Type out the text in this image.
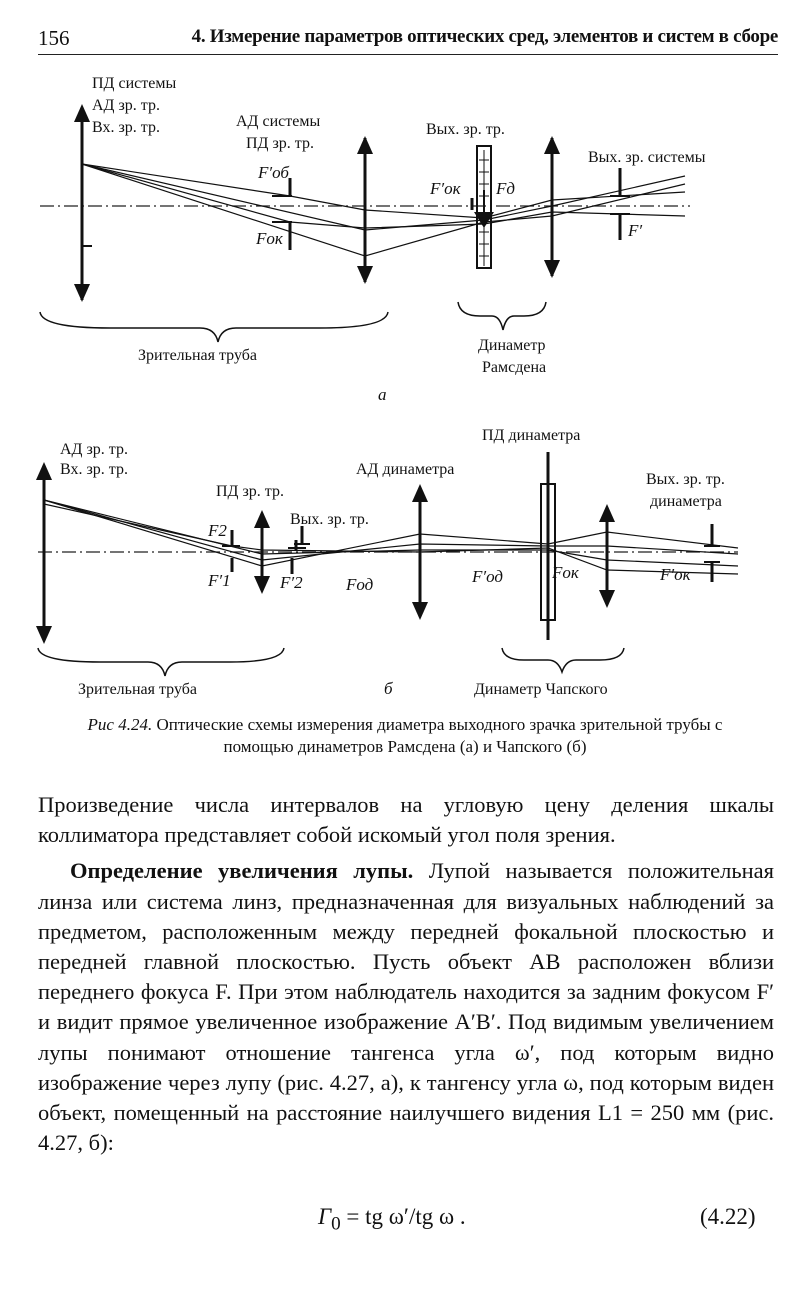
156	4. Измерение параметров оптических сред, элементов и систем в сборе
ПД системы
АД зр. тр.
Вх. зр. тр.	АД системы
ПД зр. тр.
Вых. зр. тр.
Вых. зр. системы
F′об
Fок
F′ок Fд
F′
Зрительная труба
Динаметр
Рамсдена
а
АД зр. тр.
Вх. зр. тр.
ПД зр. тр.
Вых. зр. тр.
АД динаметра
ПД динаметра
Вых. зр. тр.
динаметра
F2
F′1	F′2	Fод	F′од	Fок	F′ок
Зрительная труба	б	Динаметр Чапского
Рис 4.24. Оптические схемы измерения диаметра выходного зрачка зрительной трубы с помощью динаметров Рамсдена (а) и Чапского (б)

Произведение числа интервалов на угловую цену деления шкалы коллиматора представляет собой искомый угол поля зрения.

Определение увеличения лупы. Лупой называется положительная линза или система линз, предназначенная для визуальных наблюдений за предметом, расположенным между передней фокальной плоскостью и передней главной плоскостью. Пусть объект AB расположен вблизи переднего фокуса F. При этом наблюдатель находится за задним фокусом F′ и видит прямое увеличенное изображение A′B′. Под видимым увеличением лупы понимают отношение тангенса угла ω′, под которым видно изображение через лупу (рис. 4.27, а), к тангенсу угла ω, под которым виден объект, помещенный на расстояние наилучшего видения L1 = 250 мм (рис. 4.27, б):

$Г_0$ = tg ω′/tg ω .	(4.22)
